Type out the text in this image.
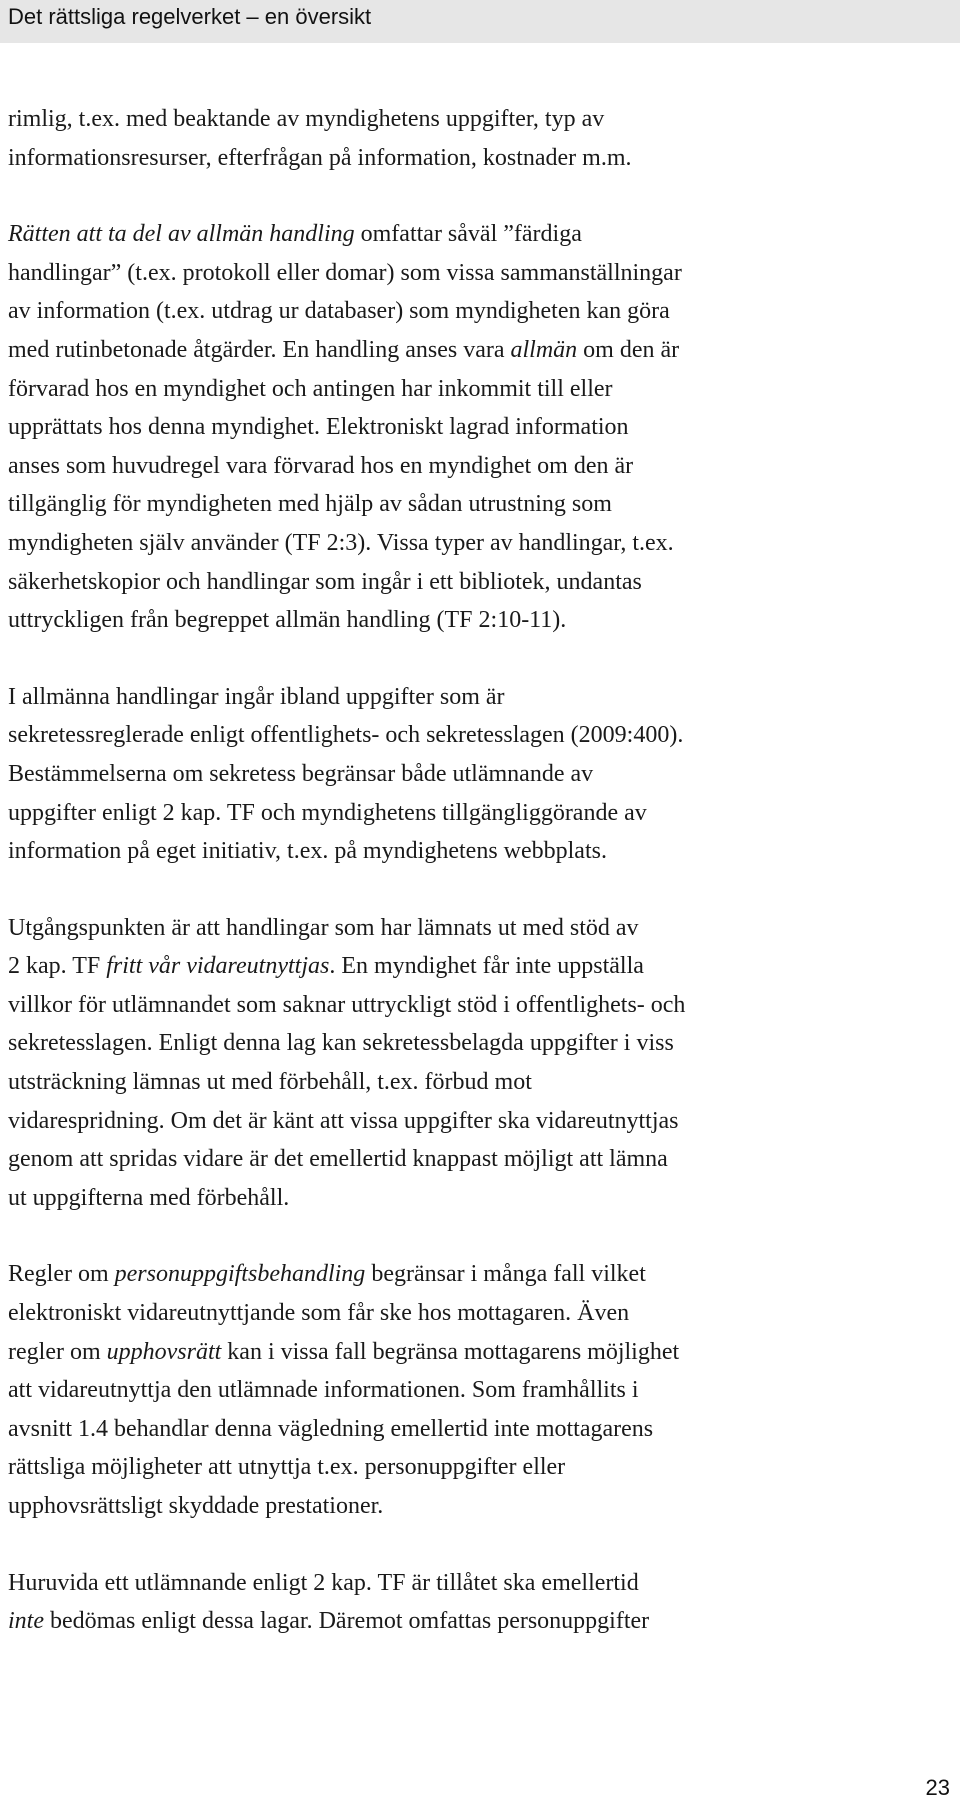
Det rättsliga regelverket – en översikt

rimlig, t.ex. med beaktande av myndighetens uppgifter, typ av

informationsresurser, efterfrågan på information, kostnader m.m.

Rätten att ta del av allmän handling omfattar såväl ”färdiga

handlingar” (t.ex. protokoll eller domar) som vissa sammanställningar

av information (t.ex. utdrag ur databaser) som myndigheten kan göra

med rutinbetonade åtgärder. En handling anses vara allmän om den är

förvarad hos en myndighet och antingen har inkommit till eller

upprättats hos denna myndighet. Elektroniskt lagrad information

anses som huvudregel vara förvarad hos en myndighet om den är

tillgänglig för myndigheten med hjälp av sådan utrustning som

myndigheten själv använder (TF 2:3). Vissa typer av handlingar, t.ex.

säkerhetskopior och handlingar som ingår i ett bibliotek, undantas

uttryckligen från begreppet allmän handling (TF 2:10-11).

I allmänna handlingar ingår ibland uppgifter som är

sekretessreglerade enligt offentlighets- och sekretesslagen (2009:400).

Bestämmelserna om sekretess begränsar både utlämnande av

uppgifter enligt 2 kap. TF och myndighetens tillgängliggörande av

information på eget initiativ, t.ex. på myndighetens webbplats.

Utgångspunkten är att handlingar som har lämnats ut med stöd av

2 kap. TF fritt vår vidareutnyttjas. En myndighet får inte uppställa

villkor för utlämnandet som saknar uttryckligt stöd i offentlighets- och

sekretesslagen. Enligt denna lag kan sekretessbelagda uppgifter i viss

utsträckning lämnas ut med förbehåll, t.ex. förbud mot

vidarespridning. Om det är känt att vissa uppgifter ska vidareutnyttjas

genom att spridas vidare är det emellertid knappast möjligt att lämna

ut uppgifterna med förbehåll.

Regler om personuppgiftsbehandling begränsar i många fall vilket

elektroniskt vidareutnyttjande som får ske hos mottagaren. Även

regler om upphovsrätt kan i vissa fall begränsa mottagarens möjlighet

att vidareutnyttja den utlämnade informationen. Som framhållits i

avsnitt 1.4 behandlar denna vägledning emellertid inte mottagarens

rättsliga möjligheter att utnyttja t.ex. personuppgifter eller

upphovsrättsligt skyddade prestationer.

Huruvida ett utlämnande enligt 2 kap. TF är tillåtet ska emellertid

inte bedömas enligt dessa lagar. Däremot omfattas personuppgifter

23
